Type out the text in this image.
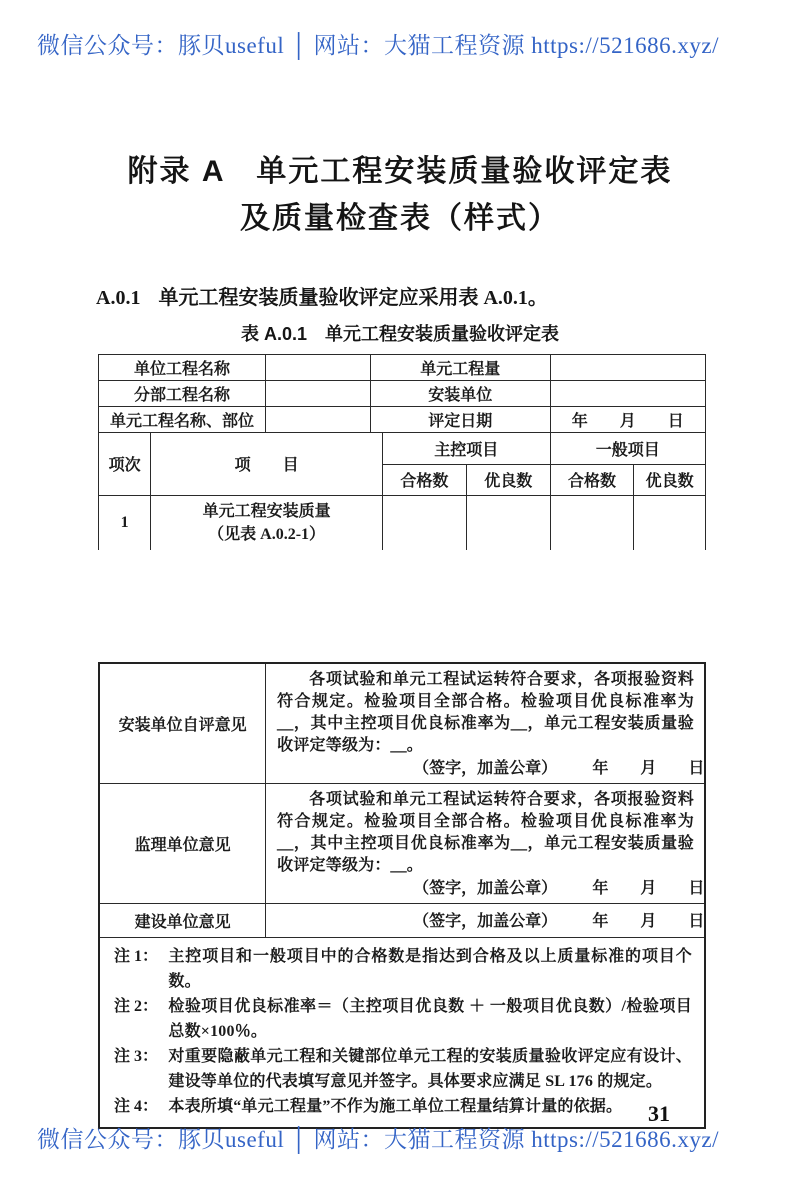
微信公众号：豚贝useful │ 网站：大猫工程资源 https://521686.xyz/
附录 A　单元工程安装质量验收评定表
及质量检查表（样式）
A.0.1 单元工程安装质量验收评定应采用表 A.0.1。
表 A.0.1　单元工程安装质量验收评定表
单位工程名称		单元工程量	
分部工程名称		安装单位	
单元工程名称、部位		评定日期	年　　月　　日
项次	项　　目	主控项目		一般项目	
		合格数	优良数	合格数	优良数
1	单元工程安装质量
（见表 A.0.2-1）				

安装单位自评意见	各项试验和单元工程试运转符合要求，各项报验资料符合规定。检验项目全部合格。检验项目优良标准率为＿，其中主控项目优良标准率为＿，单元工程安装质量验收评定等级为：＿。
（签字，加盖公章） 年　　月　　日

监理单位意见	各项试验和单元工程试运转符合要求，各项报验资料符合规定。检验项目全部合格。检验项目优良标准率为＿，其中主控项目优良标准率为＿，单元工程安装质量验收评定等级为：＿。
（签字，加盖公章） 年　　月　　日

建设单位意见	（签字，加盖公章） 年　　月　　日

注 1： 主控项目和一般项目中的合格数是指达到合格及以上质量标准的项目个数。
注 2： 检验项目优良标准率＝（主控项目优良数 ＋ 一般项目优良数）/检验项目总数×100％。
注 3： 对重要隐蔽单元工程和关键部位单元工程的安装质量验收评定应有设计、建设等单位的代表填写意见并签字。具体要求应满足 SL 176 的规定。
注 4： 本表所填“单元工程量”不作为施工单位工程量结算计量的依据。	31
微信公众号：豚贝useful │ 网站：大猫工程资源 https://521686.xyz/
